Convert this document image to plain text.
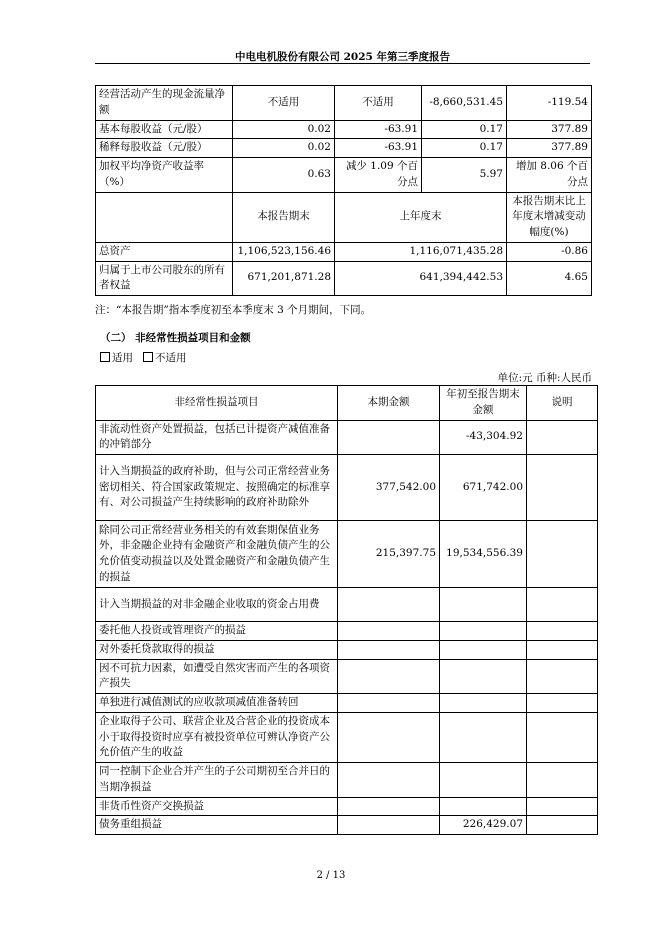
中电电机股份有限公司 2025 年第三季度报告
经营活动产生的现金流量净额	不适用	不适用	-8,660,531.45	-119.54
基本每股收益（元/股）	0.02	-63.91	0.17	377.89
稀释每股收益（元/股）	0.02	-63.91	0.17	377.89
加权平均净资产收益率（%）	0.63	减少 1.09 个百分点	5.97	增加 8.06 个百分点
	本报告期末	上年度末		本报告期末比上年度末增减变动幅度(%)
总资产	1,106,523,156.46	1,116,071,435.28		-0.86
归属于上市公司股东的所有者权益	671,201,871.28	641,394,442.53		4.65
注：“本报告期”指本季度初至本季度末 3 个月期间，下同。
（二） 非经常性损益项目和金额
适用 不适用
单位:元 币种:人民币
非经常性损益项目	本期金额	年初至报告期末金额	说明
非流动性资产处置损益，包括已计提资产减值准备的冲销部分		-43,304.92	
计入当期损益的政府补助，但与公司正常经营业务密切相关、符合国家政策规定、按照确定的标准享有、对公司损益产生持续影响的政府补助除外	377,542.00	671,742.00	
除同公司正常经营业务相关的有效套期保值业务外，非金融企业持有金融资产和金融负债产生的公允价值变动损益以及处置金融资产和金融负债产生的损益	215,397.75	19,534,556.39	
计入当期损益的对非金融企业收取的资金占用费			
委托他人投资或管理资产的损益			
对外委托贷款取得的损益			
因不可抗力因素，如遭受自然灾害而产生的各项资产损失			
单独进行减值测试的应收款项减值准备转回			
企业取得子公司、联营企业及合营企业的投资成本小于取得投资时应享有被投资单位可辨认净资产公允价值产生的收益			
同一控制下企业合并产生的子公司期初至合并日的当期净损益			
非货币性资产交换损益			
债务重组损益		226,429.07	
2 / 13
